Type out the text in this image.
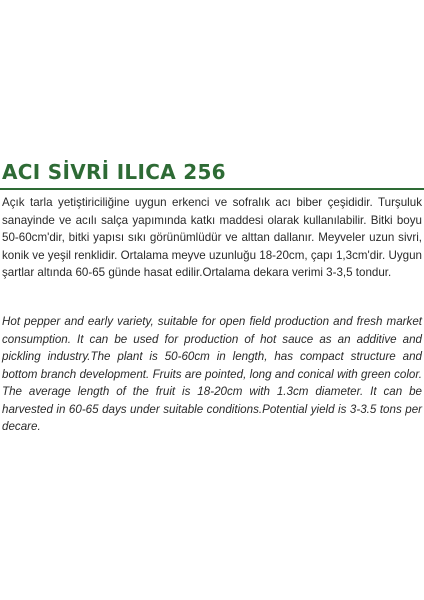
ACI SİVRİ ILICA 256

Açık tarla yetiştiriciliğine uygun erkenci ve sofralık acı biber çeşididir. Turşuluk sanayinde ve acılı salça yapımında katkı maddesi olarak kullanılabilir. Bitki boyu 50-60cm'dir, bitki yapısı sıkı görünümlüdür ve alttan dallanır. Meyveler uzun sivri, konik ve yeşil renklidir. Ortalama meyve uzunluğu 18-20cm, çapı 1,3cm'dir. Uygun şartlar altında 60-65 günde hasat edilir.Ortalama dekara verimi 3-3,5 tondur.

Hot pepper and early variety, suitable for open field production and fresh market consumption. It can be used for production of hot sauce as an additive and pickling industry.The plant is 50-60cm in length, has compact structure and bottom branch development. Fruits are pointed, long and conical with green color. The average length of the fruit is 18-20cm with 1.3cm diameter. It can be harvested in 60-65 days under suitable conditions.Potential yield is 3-3.5 tons per decare.
